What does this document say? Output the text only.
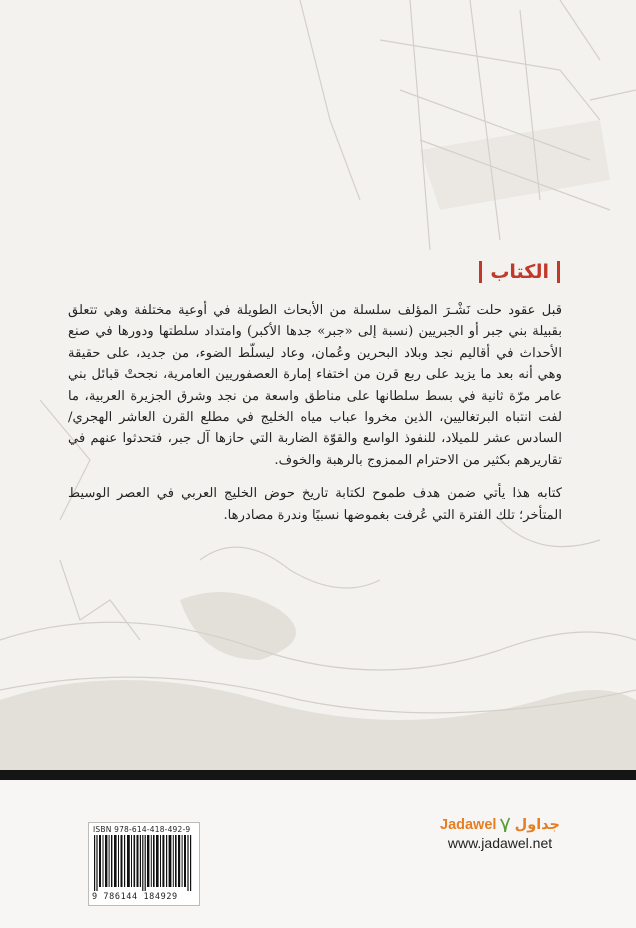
الكتاب

قبل عقود حلت نَشْـرَ المؤلف سلسلة من الأبحاث الطويلة في أوعية مختلفة وهي تتعلق بقبيلة بني جبر أو الجبريين (نسبة إلى «جبر» جدها الأكبر) وامتداد سلطتها ودورها في صنع الأحداث في أقاليم نجد وبلاد البحرين وعُمان، وعاد ليسلّط الضوء، من جديد، على حقيقة وهي أنه بعد ما يزيد على ربع قرن من اختفاء إمارة العصفوريين العامرية، نجحتْ قبائل بني عامر مرّة ثانية في بسط سلطانها على مناطق واسعة من نجد وشرق الجزيرة العربية، ما لفت انتباه البرتغاليين، الذين مخروا عباب مياه الخليج في مطلع القرن العاشر الهجري/السادس عشر للميلاد، للنفوذ الواسع والقوّة الضاربة التي حازها آل جبر، فتحدثوا عنهم في تقاريرهم بكثير من الاحترام الممزوج بالرهبة والخوف.

كتابه هذا يأتي ضمن هدف طموح لكتابة تاريخ حوض الخليج العربي في العصر الوسيط المتأخر؛ تلك الفترة التي عُرفت بغموضها نسبيًا وندرة مصادرها.

ISBN 978-614-418-492-9
9 786144 184929
Jadawel جداول
www.jadawel.net
